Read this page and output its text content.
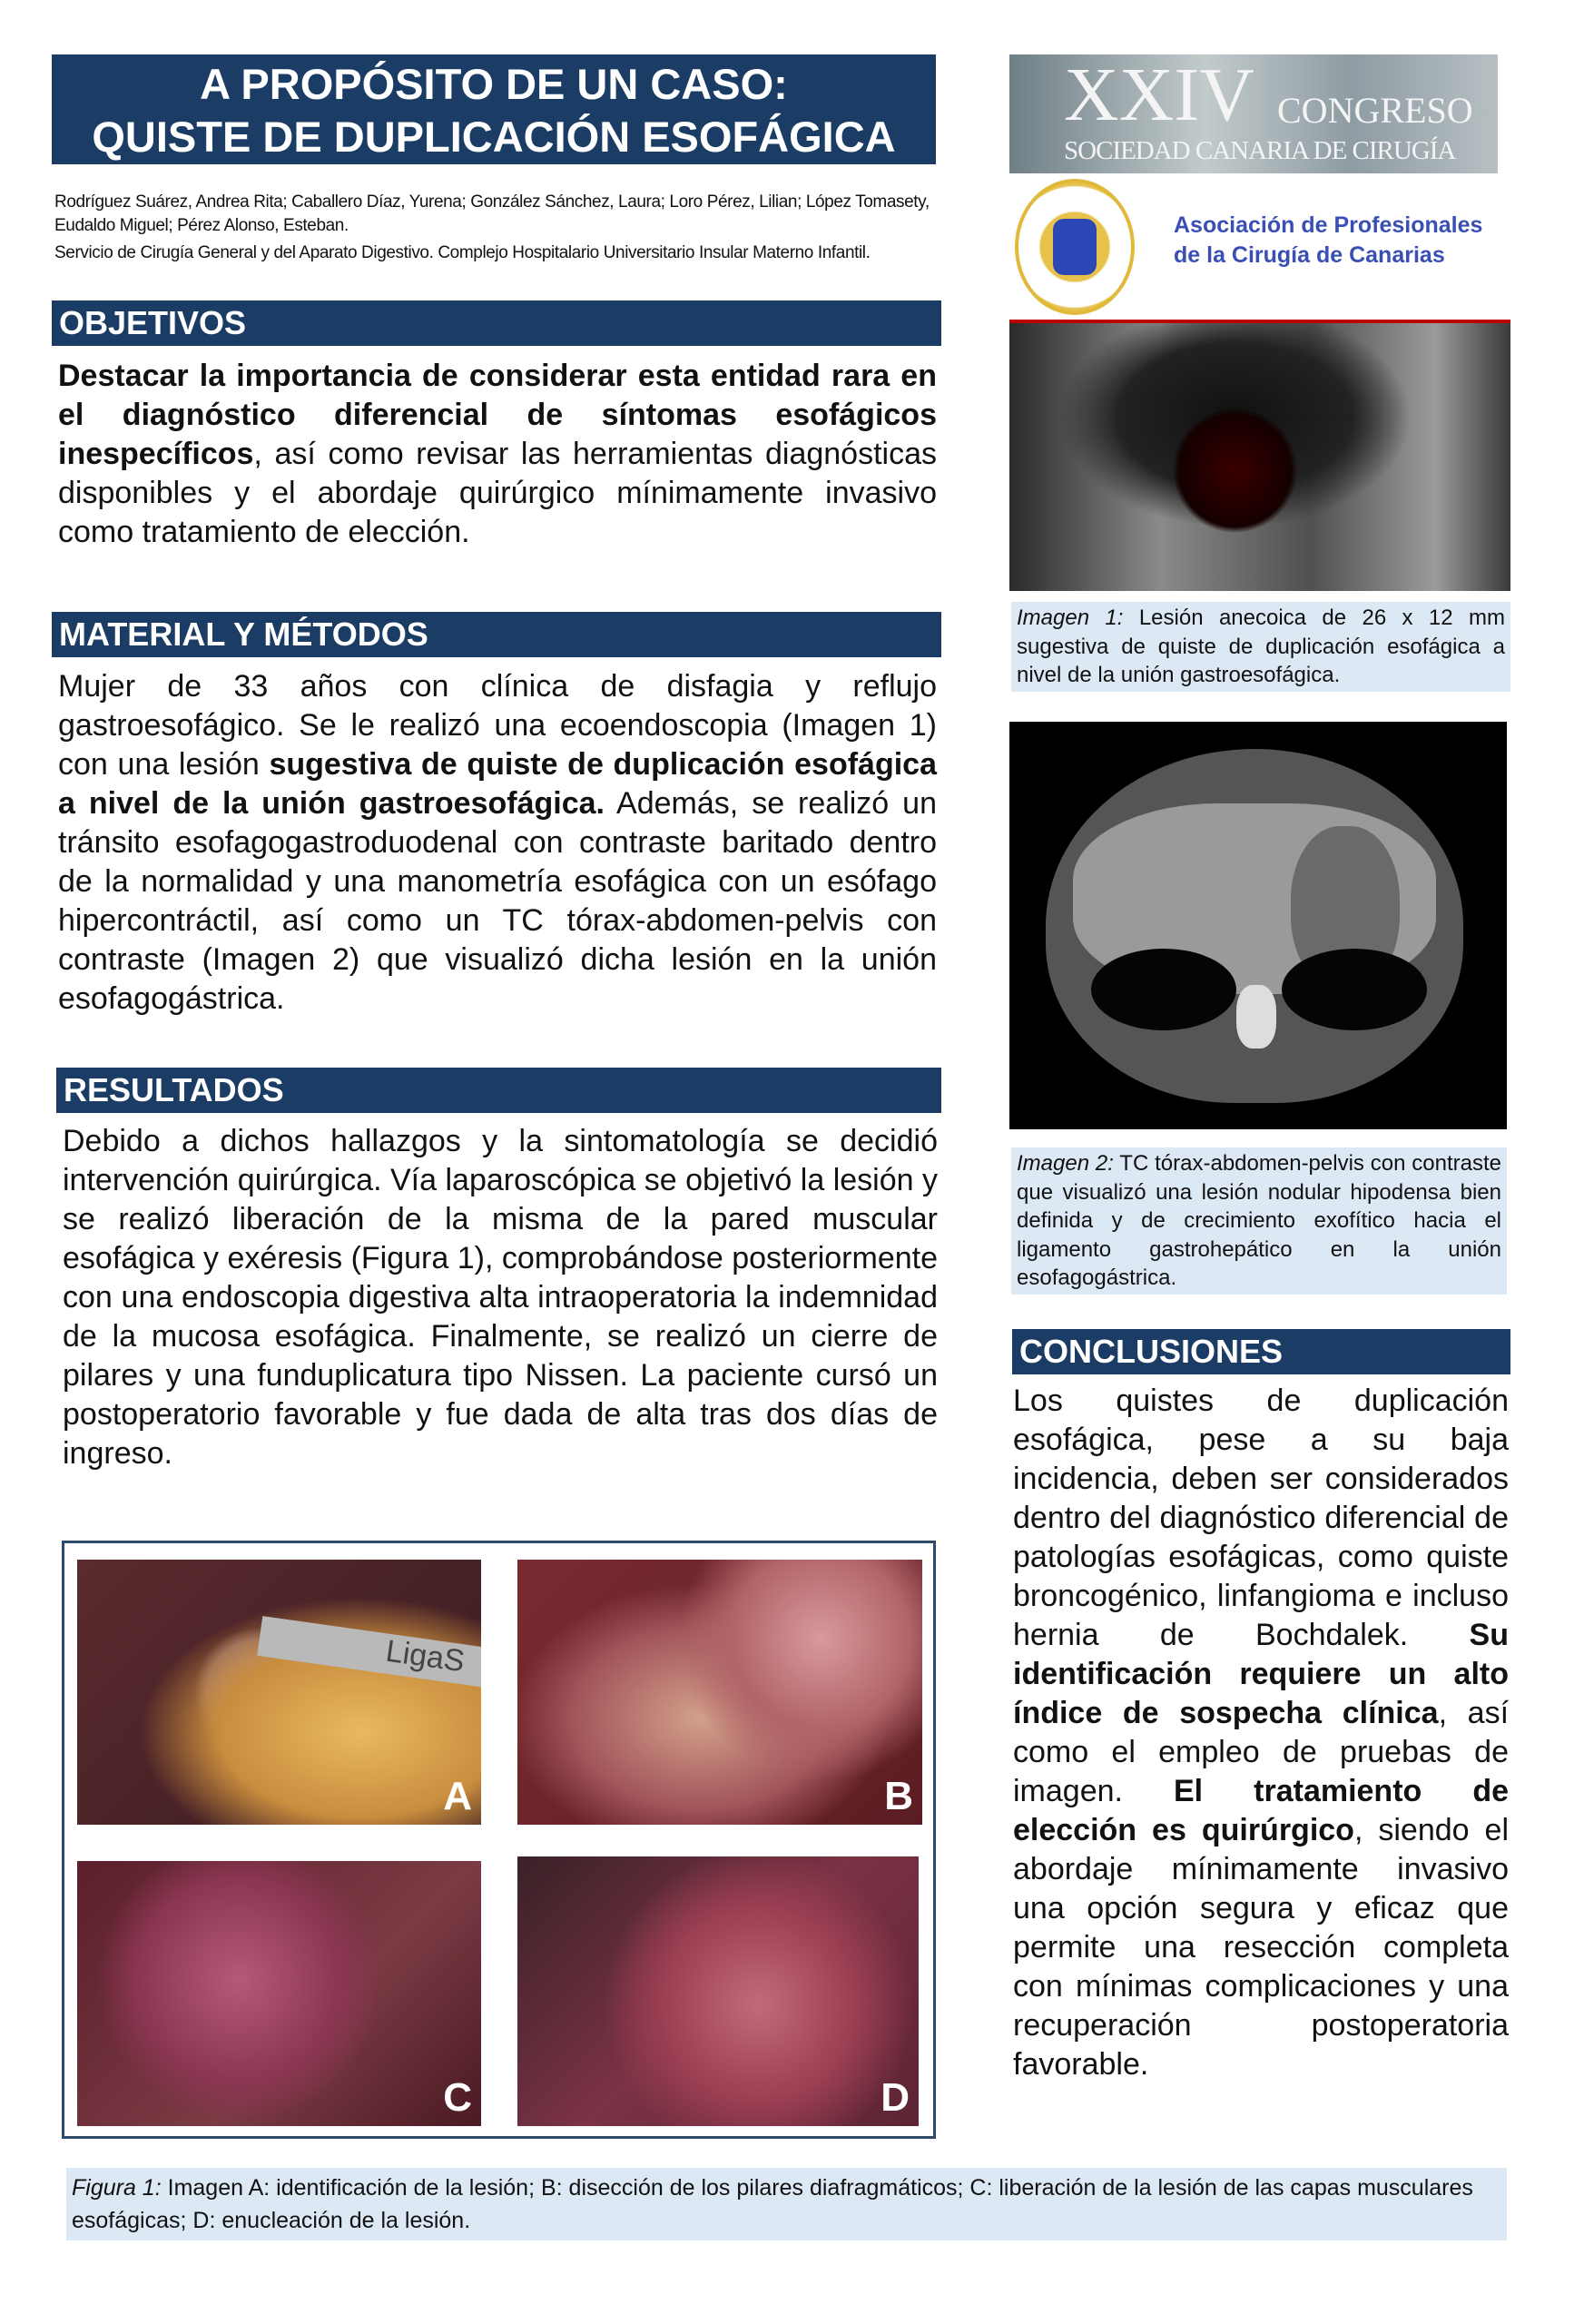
A PROPÓSITO DE UN CASO:
QUISTE DE DUPLICACIÓN ESOFÁGICA
Rodríguez Suárez, Andrea Rita; Caballero Díaz, Yurena; González Sánchez, Laura; Loro Pérez, Lilian; López Tomasety, Eudaldo Miguel; Pérez Alonso, Esteban.
Servicio de Cirugía General y del Aparato Digestivo. Complejo Hospitalario Universitario Insular Materno Infantil.
XXIV CONGRESO
SOCIEDAD CANARIA DE CIRUGÍA
Asociación de Profesionales
de la Cirugía de Canarias
OBJETIVOS
Destacar la importancia de considerar esta entidad rara en el diagnóstico diferencial de síntomas esofágicos inespecíficos, así como revisar las herramientas diagnósticas disponibles y el abordaje quirúrgico mínimamente invasivo como tratamiento de elección.
MATERIAL Y MÉTODOS
Mujer de 33 años con clínica de disfagia y reflujo gastroesofágico. Se le realizó una ecoendoscopia (Imagen 1) con una lesión sugestiva de quiste de duplicación esofágica a nivel de la unión gastroesofágica. Además, se realizó un tránsito esofagogastroduodenal con contraste baritado dentro de la normalidad y una manometría esofágica con un esófago hipercontráctil, así como un TC tórax-abdomen-pelvis con contraste (Imagen 2) que visualizó dicha lesión en la unión esofagogástrica.
RESULTADOS
Debido a dichos hallazgos y la sintomatología se decidió intervención quirúrgica. Vía laparoscópica se objetivó la lesión y se realizó liberación de la misma de la pared muscular esofágica y exéresis (Figura 1), comprobándose posteriormente con una endoscopia digestiva alta intraoperatoria la indemnidad de la mucosa esofágica. Finalmente, se realizó un cierre de pilares y una funduplicatura tipo Nissen. La paciente cursó un postoperatorio favorable y fue dada de alta tras dos días de ingreso.
LigaS
A	B
C	D
Figura 1: Imagen A: identificación de la lesión; B: disección de los pilares diafragmáticos; C: liberación de la lesión de las capas musculares esofágicas; D: enucleación de la lesión.
Imagen 1: Lesión anecoica de 26 x 12 mm sugestiva de quiste de duplicación esofágica a nivel de la unión gastroesofágica.
Imagen 2: TC tórax-abdomen-pelvis con contraste que visualizó una lesión nodular hipodensa bien definida y de crecimiento exofítico hacia el ligamento gastrohepático en la unión esofagogástrica.
CONCLUSIONES
Los quistes de duplicación esofágica, pese a su baja incidencia, deben ser considerados dentro del diagnóstico diferencial de patologías esofágicas, como quiste broncogénico, linfangioma e incluso hernia de Bochdalek. Su identificación requiere un alto índice de sospecha clínica, así como el empleo de pruebas de imagen. El tratamiento de elección es quirúrgico, siendo el abordaje mínimamente invasivo una opción segura y eficaz que permite una resección completa con mínimas complicaciones y una recuperación postoperatoria favorable.
